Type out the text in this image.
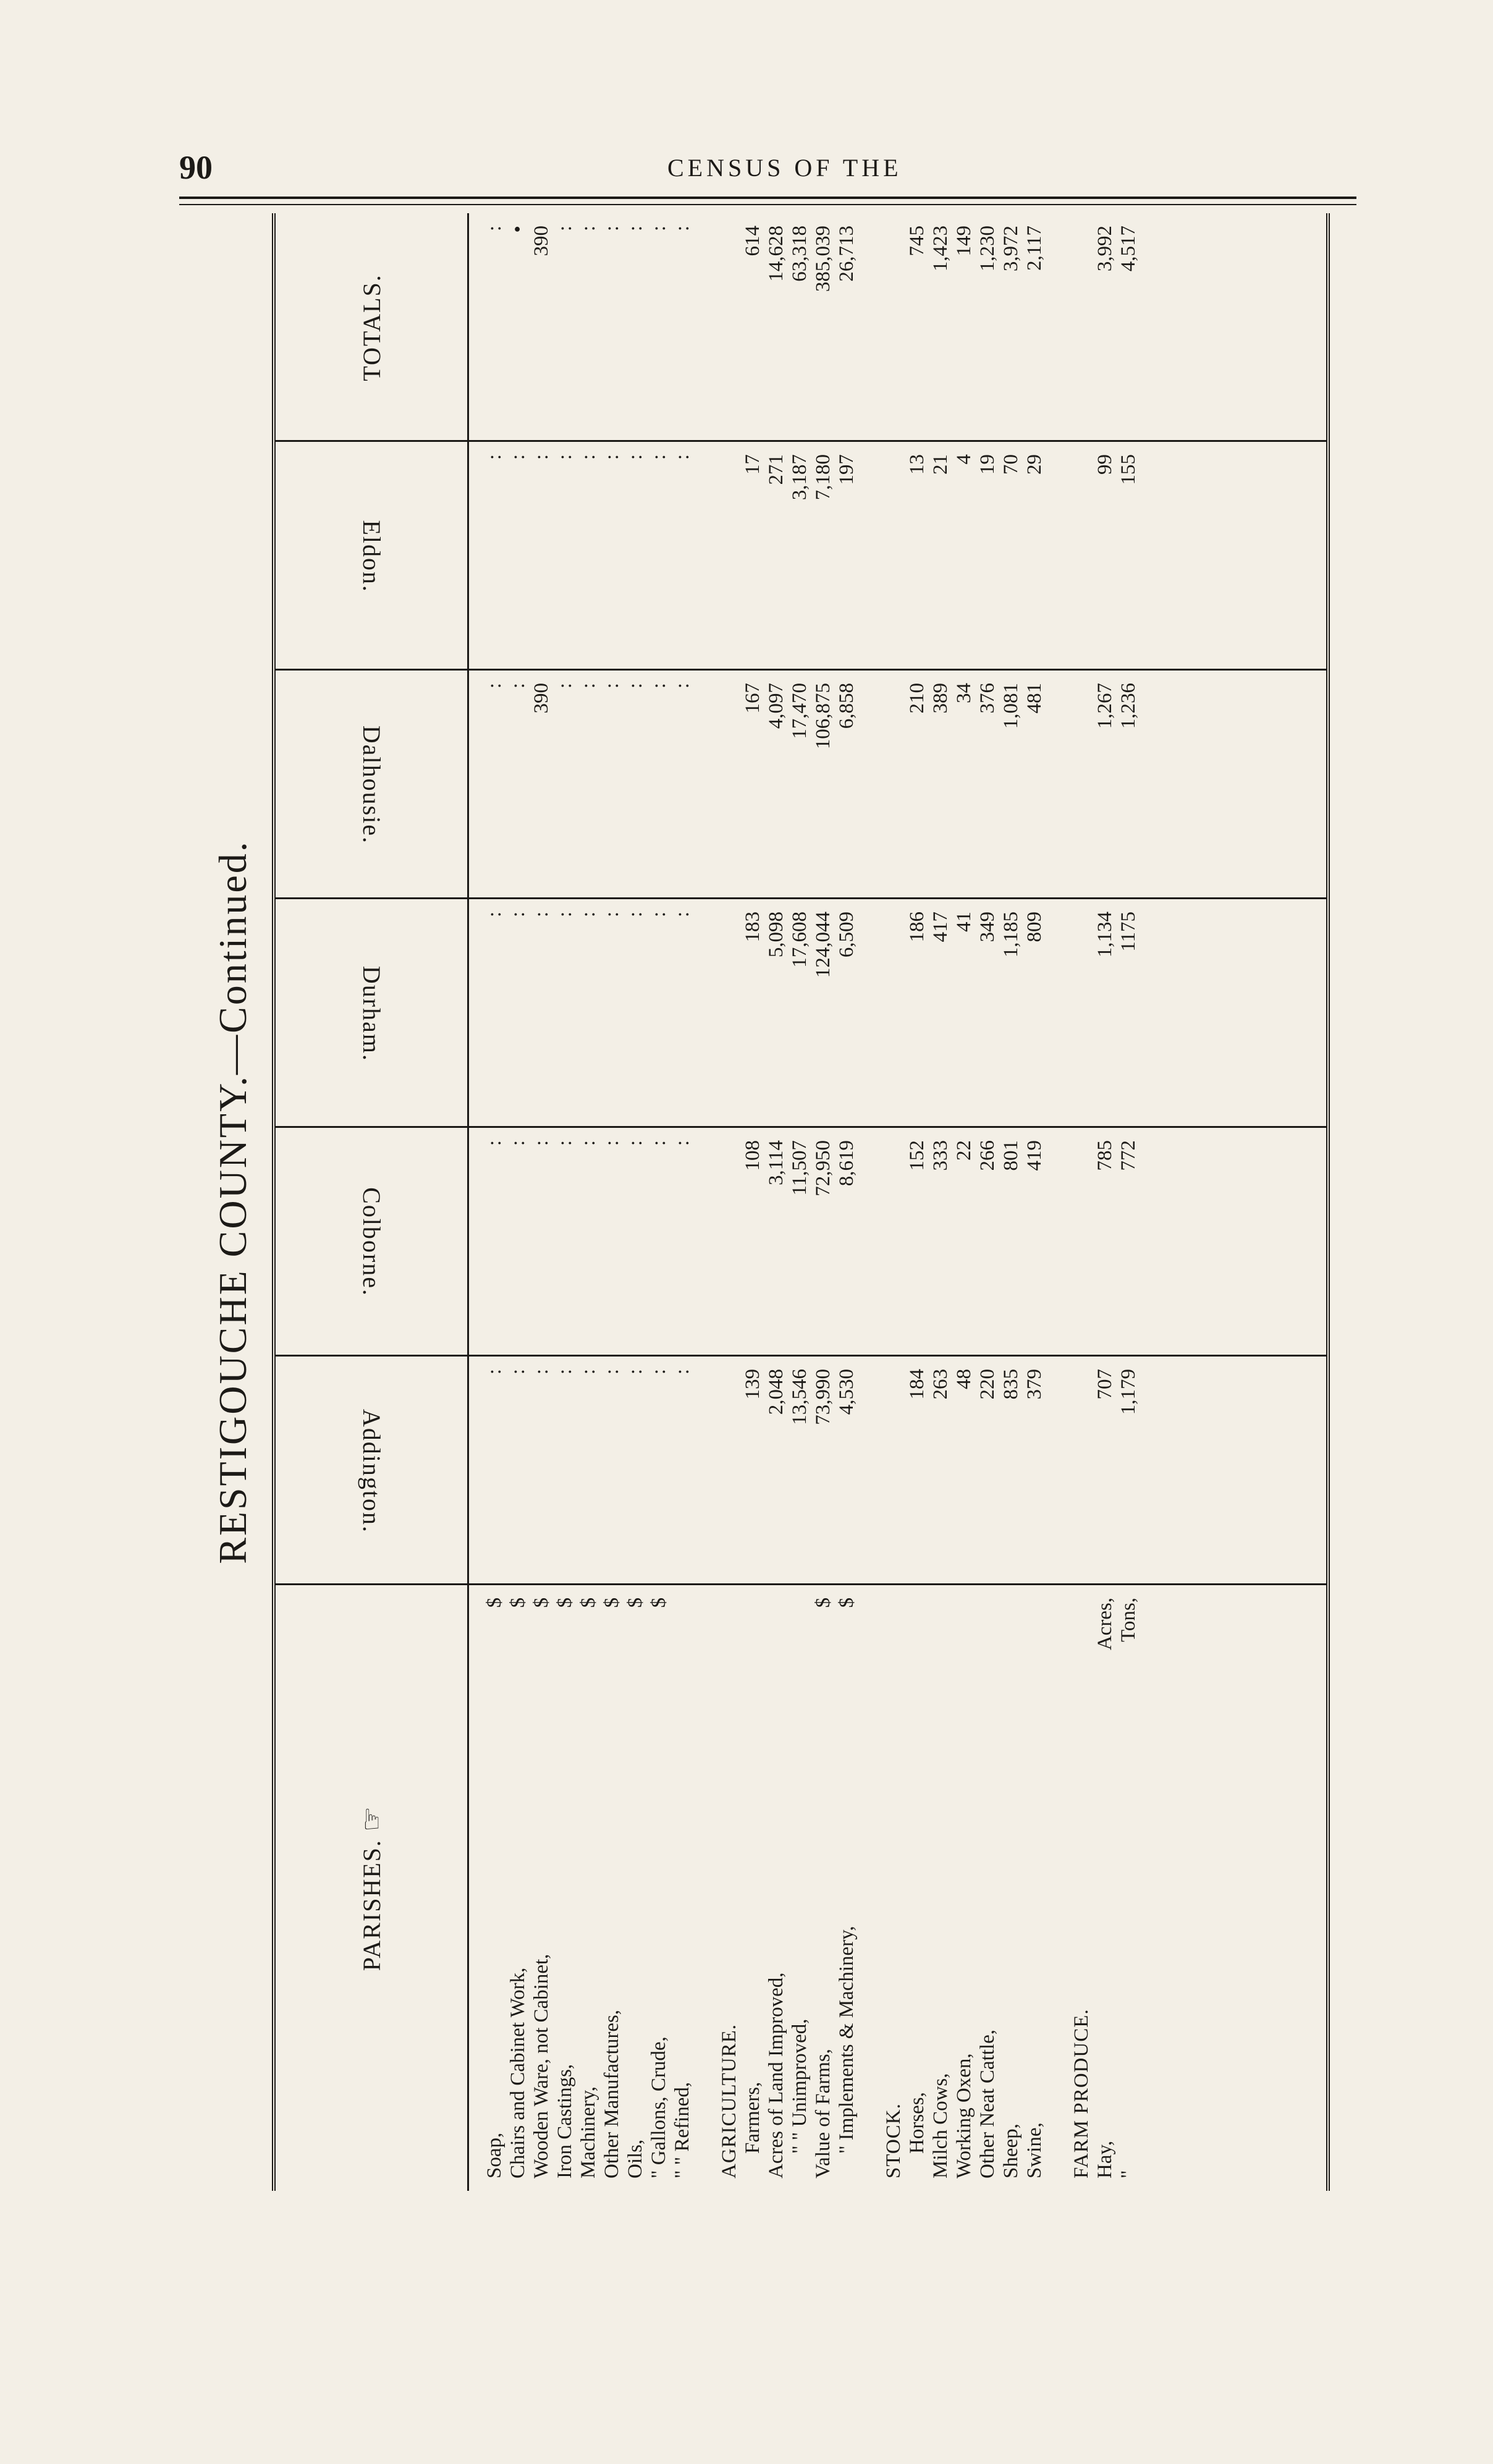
90	CENSUS OF THE
RESTIGOUCHE COUNTY.—Continued.
PARISHES.
☞
Addington.
Colborne.
Durham.
Dalhousie.
Eldon.
TOTALS.
Soap,
$
Chairs and Cabinet Work,
$
Wooden Ware, not Cabinet,
$
Iron Castings,
$
Machinery,
$
Other Manufactures,
$
Oils,
$
" Gallons, Crude,
$
" " Refined, AGRICULTURE. Farmers, Acres of Land Improved, " " Unimproved, Value of Farms,
$
" Implements & Machinery,
$
STOCK. Horses, Milch Cows, Working Oxen, Other Neat Cattle, Sheep, Swine, FARM PRODUCE. Hay,
Acres,
"
Tons,
: : : : : : : : : 139 2,048 13,546 73,990 4,530 184 263 48 220 835 379 707 1,179
: : : : : : : : : 108 3,114 11,507 72,950 8,619 152 333 22 266 801 419 785 772
: : : : : : : : : 183 5,098 17,608 124,044 6,509 186 417 41 349 1,185 809 1,134 1175
: : 390 : : : : : : 167 4,097 17,470 106,875 6,858 210 389 34 376 1,081 481 1,267 1,236
: : : : : : : : : 17 271 3,187 7,180 197 13 21 4 19 70 29 99 155
: • 390 : : : : : : 614 14,628 63,318 385,039 26,713 745 1,423 149 1,230 3,972 2,117 3,992 4,517
